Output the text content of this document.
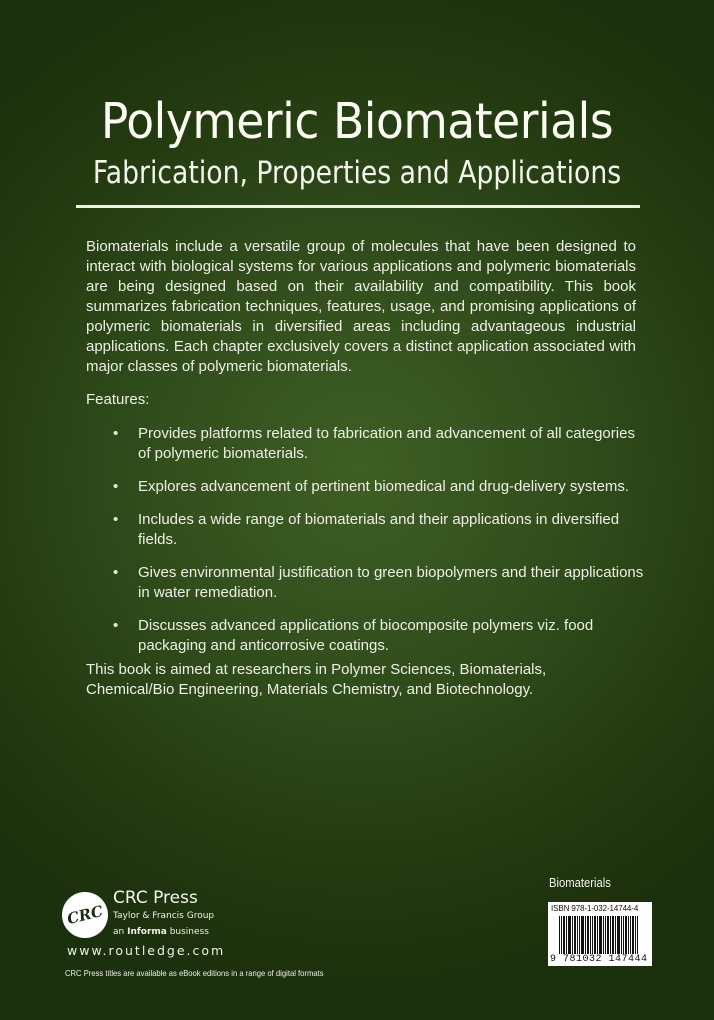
Polymeric Biomaterials
Fabrication, Properties and Applications
Biomaterials include a versatile group of molecules that have been designed to interact with biological systems for various applications and polymeric biomaterials are being designed based on their availability and compatibility. This book summarizes fabrication techniques, features, usage, and promising applications of polymeric biomaterials in diversified areas including advantageous industrial applications. Each chapter exclusively covers a distinct application associated with major classes of polymeric biomaterials.
Features:
• Provides platforms related to fabrication and advancement of all categories of polymeric biomaterials.
• Explores advancement of pertinent biomedical and drug-delivery systems.
• Includes a wide range of biomaterials and their applications in diversified fields.
• Gives environmental justification to green biopolymers and their applications in water remediation.
• Discusses advanced applications of biocomposite polymers viz. food packaging and anticorrosive coatings.
This book is aimed at researchers in Polymer Sciences, Biomaterials, Chemical/Bio Engineering, Materials Chemistry, and Biotechnology.
CRC
CRC Press
Taylor & Francis Group
an Informa business
www.routledge.com
CRC Press titles are available as eBook editions in a range of digital formats
Biomaterials
ISBN 978-1-032-14744-4
9 781032 147444
